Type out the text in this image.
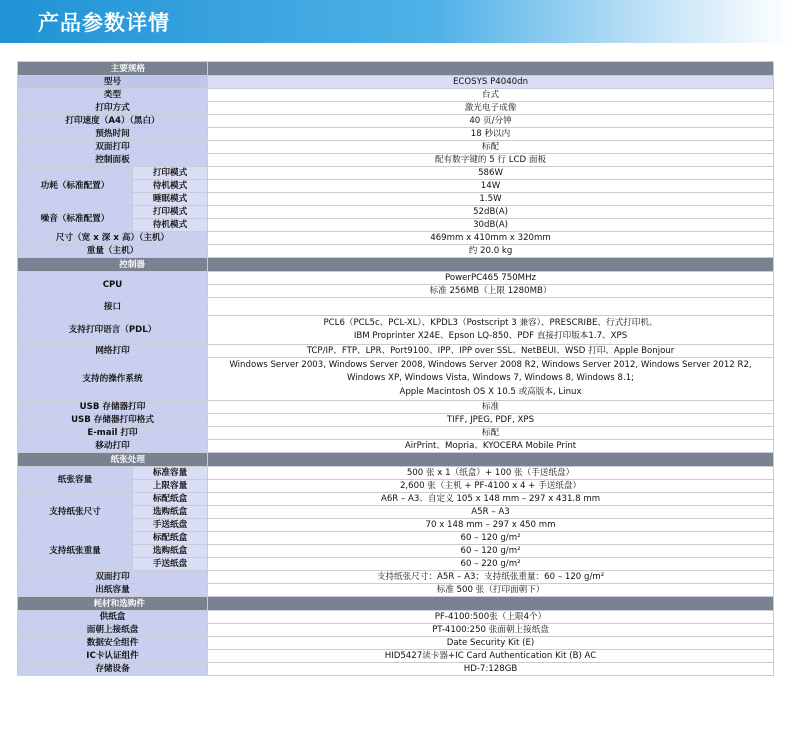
产品参数详情
主要规格		
型号		ECOSYS P4040dn
类型		台式
打印方式		激光电子成像
打印速度（A4）（黑白）		40 页/分钟
预热时间		18 秒以内
双面打印		标配
控制面板		配有数字键的 5 行 LCD 面板
功耗（标准配置）	打印模式	586W
	待机模式	14W
	睡眠模式	1.5W
噪音（标准配置）	打印模式	52dB(A)
	待机模式	30dB(A)
尺寸（宽 x 深 x 高）（主机）		469mm x 410mm x 320mm
重量（主机）		约 20.0 kg
控制器		
CPU		PowerPC465 750MHz
		标准 256MB（上限 1280MB）
接口		
支持打印语言（PDL）		PCL6（PCL5c、PCL-XL）、KPDL3（Postscript 3 兼容）、PRESCRIBE、行式打印机、
IBM Proprinter X24E、Epson LQ-850、PDF 直接打印版本1.7、XPS

网络打印		TCP/IP、FTP、LPR、Port9100、IPP、IPP over SSL、NetBEUI、WSD 打印、Apple Bonjour
支持的操作系统		Windows Server 2003, Windows Server 2008, Windows Server 2008 R2, Windows Server 2012, Windows Server 2012 R2,
Windows XP, Windows Vista, Windows 7, Windows 8, Windows 8.1;
Apple Macintosh OS X 10.5 或高版本, Linux

USB 存储器打印		标准
USB 存储器打印格式		TIFF, JPEG, PDF, XPS
E-mail 打印		标配
移动打印		AirPrint、Mopria、KYOCERA Mobile Print
纸张处理		
纸张容量	标准容量	500 张 x 1（纸盒）+ 100 张（手送纸盘）
	上限容量	2,600 张（主机 + PF-4100 x 4 + 手送纸盘）
支持纸张尺寸	标配纸盒	A6R – A3、自定义 105 x 148 mm – 297 x 431.8 mm
	选购纸盒	A5R – A3
	手送纸盘	70 x 148 mm – 297 x 450 mm
支持纸张重量	标配纸盒	60 – 120 g/m²
	选购纸盒	60 – 120 g/m²
	手送纸盘	60 – 220 g/m²
双面打印		支持纸张尺寸：A5R – A3；支持纸张重量：60 – 120 g/m²
出纸容量		标准 500 张（打印面朝下）
耗材和选购件		
供纸盒		PF-4100:500张（上限4个）
面朝上接纸盘		PT-4100:250 张面朝上接纸盘
数据安全组件		Date Security Kit (E)
IC卡认证组件		HID5427读卡器+IC Card Authentication Kit (B) AC
存储设备		HD-7:128GB
